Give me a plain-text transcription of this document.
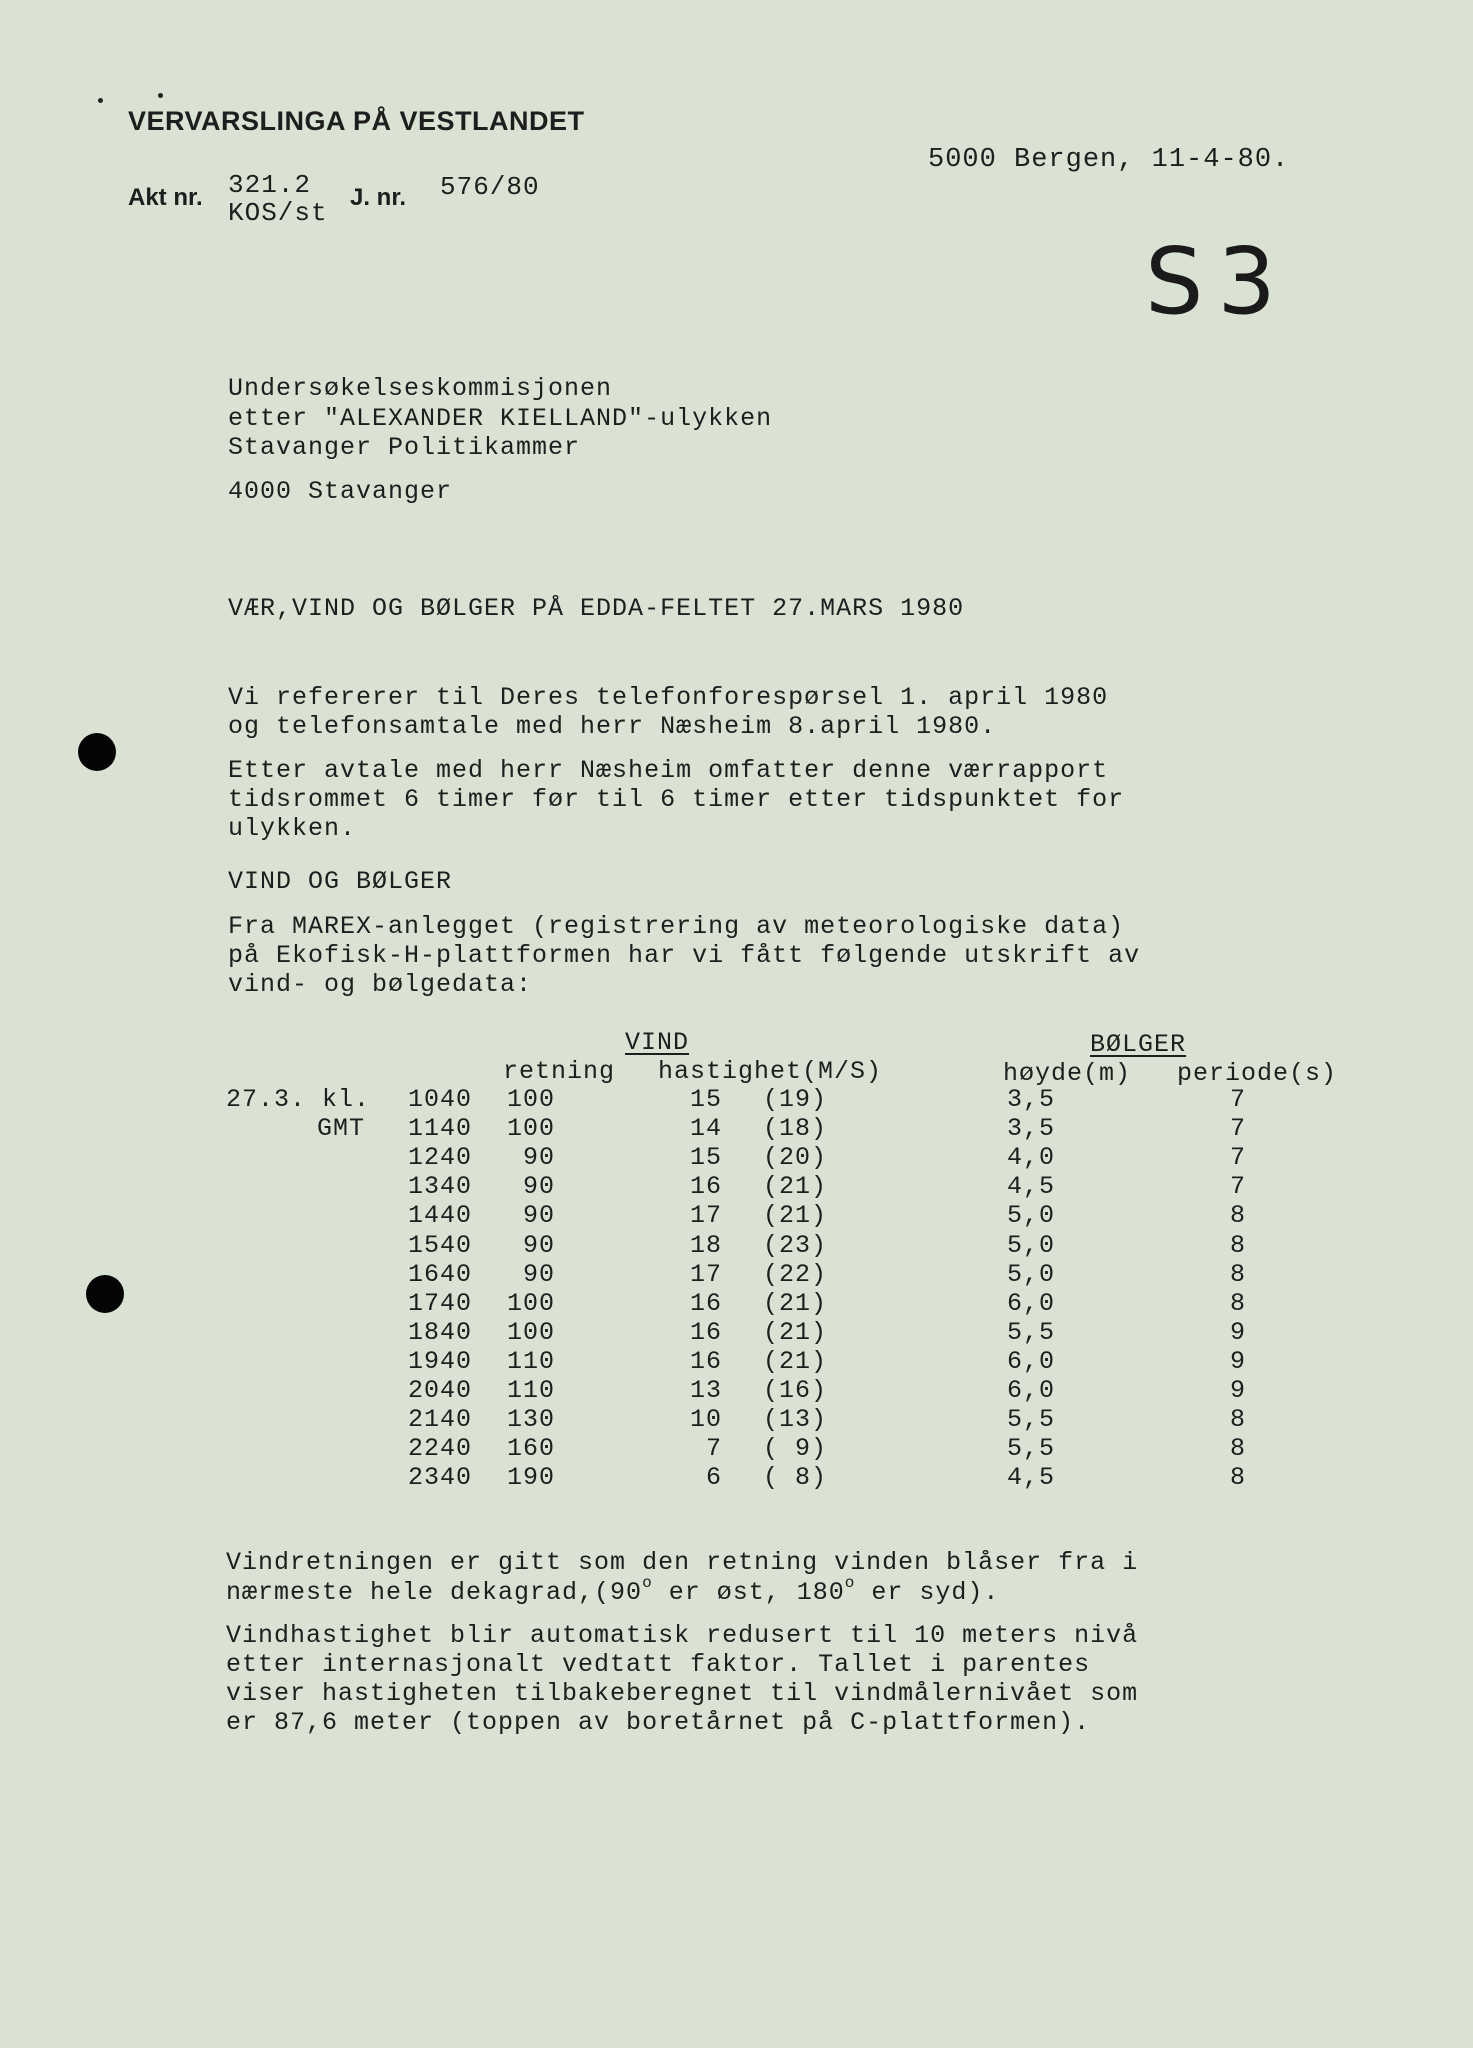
VERVARSLINGA PÅ VESTLANDET
5000 Bergen, 11-4-80.
Akt nr. 321.2
KOS/st
J. nr. 576/80
S3
Undersøkelseskommisjonen
etter "ALEXANDER KIELLAND"-ulykken
Stavanger Politikammer
4000 Stavanger
VÆR,VIND OG BØLGER PÅ EDDA-FELTET 27.MARS 1980
Vi refererer til Deres telefonforespørsel 1. april 1980
og telefonsamtale med herr Næsheim 8.april 1980.
Etter avtale med herr Næsheim omfatter denne værrapport
tidsrommet 6 timer før til 6 timer etter tidspunktet for
ulykken.
VIND OG BØLGER
Fra MAREX-anlegget (registrering av meteorologiske data)
på Ekofisk-H-plattformen har vi fått følgende utskrift av
vind- og bølgedata:
VIND	BØLGER
retning hastighet(M/S)	høyde(m) periode(s)
27.3. kl.
GMT
1040	100	15 (19)	3,5	7
1140	100	14 (18)	3,5	7
1240	90	15 (20)	4,0	7
1340	90	16 (21)	4,5	7
1440	90	17 (21)	5,0	8
1540	90	18 (23)	5,0	8
1640	90	17 (22)	5,0	8
1740	100	16 (21)	6,0	8
1840	100	16 (21)	5,5	9
1940	110	16 (21)	6,0	9
2040	110	13 (16)	6,0	9
2140	130	10 (13)	5,5	8
2240	160	7 ( 9)	5,5	8
2340	190	6 ( 8)	4,5	8
Vindretningen er gitt som den retning vinden blåser fra i
nærmeste hele dekagrad,(90$^o$ er øst, 180$^o$ er syd).
Vindhastighet blir automatisk redusert til 10 meters nivå
etter internasjonalt vedtatt faktor. Tallet i parentes
viser hastigheten tilbakeberegnet til vindmålernivået som
er 87,6 meter (toppen av boretårnet på C-plattformen).
